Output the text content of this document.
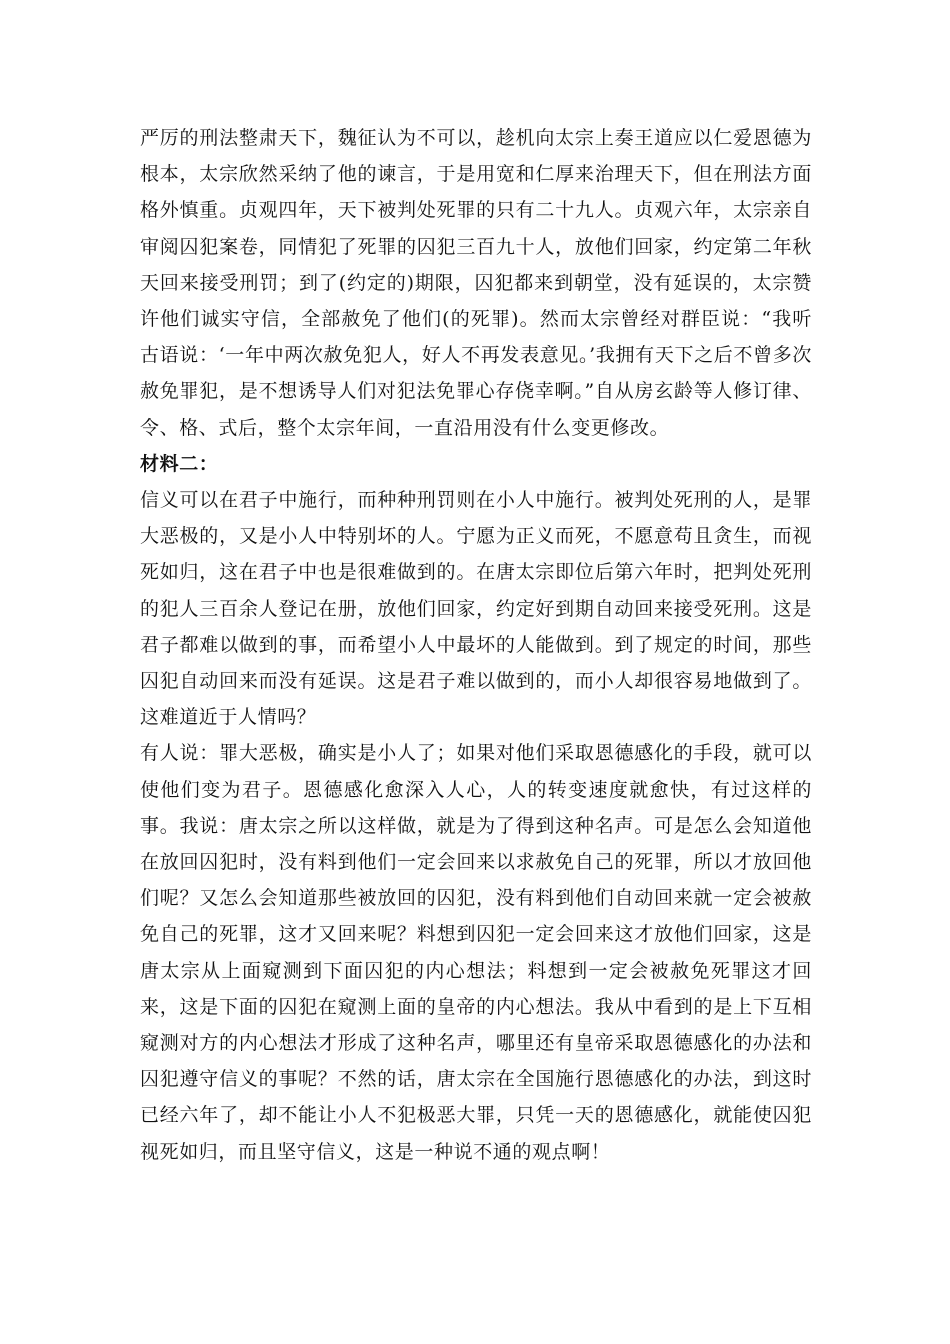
严厉的刑法整肃天下，魏征认为不可以，趁机向太宗上奏王道应以仁爱恩德为根本，太宗欣然采纳了他的谏言，于是用宽和仁厚来治理天下，但在刑法方面格外慎重。贞观四年，天下被判处死罪的只有二十九人。贞观六年，太宗亲自审阅囚犯案卷，同情犯了死罪的囚犯三百九十人，放他们回家，约定第二年秋天回来接受刑罚；到了(约定的)期限，囚犯都来到朝堂，没有延误的，太宗赞许他们诚实守信，全部赦免了他们(的死罪)。然而太宗曾经对群臣说：“我听古语说：‘一年中两次赦免犯人，好人不再发表意见。’我拥有天下之后不曾多次赦免罪犯，是不想诱导人们对犯法免罪心存侥幸啊。”自从房玄龄等人修订律、令、格、式后，整个太宗年间，一直沿用没有什么变更修改。

材料二：

信义可以在君子中施行，而种种刑罚则在小人中施行。被判处死刑的人，是罪大恶极的，又是小人中特别坏的人。宁愿为正义而死，不愿意苟且贪生，而视死如归，这在君子中也是很难做到的。在唐太宗即位后第六年时，把判处死刑的犯人三百余人登记在册，放他们回家，约定好到期自动回来接受死刑。这是君子都难以做到的事，而希望小人中最坏的人能做到。到了规定的时间，那些囚犯自动回来而没有延误。这是君子难以做到的，而小人却很容易地做到了。这难道近于人情吗？

有人说：罪大恶极，确实是小人了；如果对他们采取恩德感化的手段，就可以使他们变为君子。恩德感化愈深入人心，人的转变速度就愈快，有过这样的事。我说：唐太宗之所以这样做，就是为了得到这种名声。可是怎么会知道他在放回囚犯时，没有料到他们一定会回来以求赦免自己的死罪，所以才放回他们呢？又怎么会知道那些被放回的囚犯，没有料到他们自动回来就一定会被赦免自己的死罪，这才又回来呢？料想到囚犯一定会回来这才放他们回家，这是唐太宗从上面窥测到下面囚犯的内心想法；料想到一定会被赦免死罪这才回来，这是下面的囚犯在窥测上面的皇帝的内心想法。我从中看到的是上下互相窥测对方的内心想法才形成了这种名声，哪里还有皇帝采取恩德感化的办法和囚犯遵守信义的事呢？不然的话，唐太宗在全国施行恩德感化的办法，到这时已经六年了，却不能让小人不犯极恶大罪，只凭一天的恩德感化，就能使囚犯视死如归，而且坚守信义，这是一种说不通的观点啊！
